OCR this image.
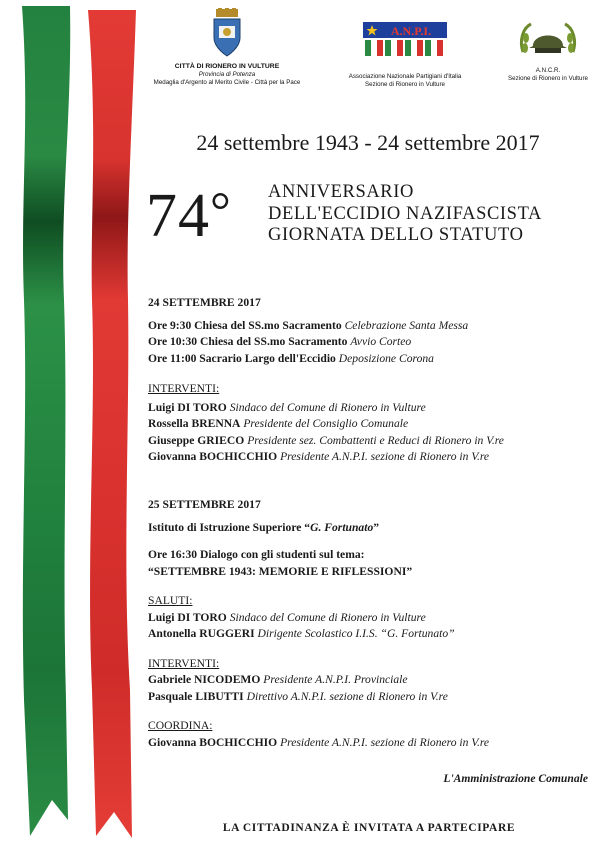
CITTÀ DI RIONERO IN VULTURE
Provincia di Potenza
Medaglia d'Argento al Merito Civile - Città per la Pace
A.N.P.I.
Associazione Nazionale Partigiani d'Italia
Sezione di Rionero in Vulture
A.N.C.R.
Sezione di Rionero in Vulture
24 settembre 1943 - 24 settembre 2017
74° ANNIVERSARIO
DELL'ECCIDIO NAZIFASCISTA
GIORNATA DELLO STATUTO
24 SETTEMBRE 2017
Ore 9:30 Chiesa del SS.mo Sacramento Celebrazione Santa Messa
Ore 10:30 Chiesa del SS.mo Sacramento Avvio Corteo
Ore 11:00 Sacrario Largo dell'Eccidio Deposizione Corona
INTERVENTI:
Luigi DI TORO Sindaco del Comune di Rionero in Vulture
Rossella BRENNA Presidente del Consiglio Comunale
Giuseppe GRIECO Presidente sez. Combattenti e Reduci di Rionero in V.re
Giovanna BOCHICCHIO Presidente A.N.P.I. sezione di Rionero in V.re
25 SETTEMBRE 2017
Istituto di Istruzione Superiore “G. Fortunato”
Ore 16:30 Dialogo con gli studenti sul tema:
“SETTEMBRE 1943: MEMORIE E RIFLESSIONI”
SALUTI:
Luigi DI TORO Sindaco del Comune di Rionero in Vulture
Antonella RUGGERI Dirigente Scolastico I.I.S. “G. Fortunato”
INTERVENTI:
Gabriele NICODEMO Presidente A.N.P.I. Provinciale
Pasquale LIBUTTI Direttivo A.N.P.I. sezione di Rionero in V.re
COORDINA:
Giovanna BOCHICCHIO Presidente A.N.P.I. sezione di Rionero in V.re
L'Amministrazione Comunale
LA CITTADINANZA È INVITATA A PARTECIPARE
